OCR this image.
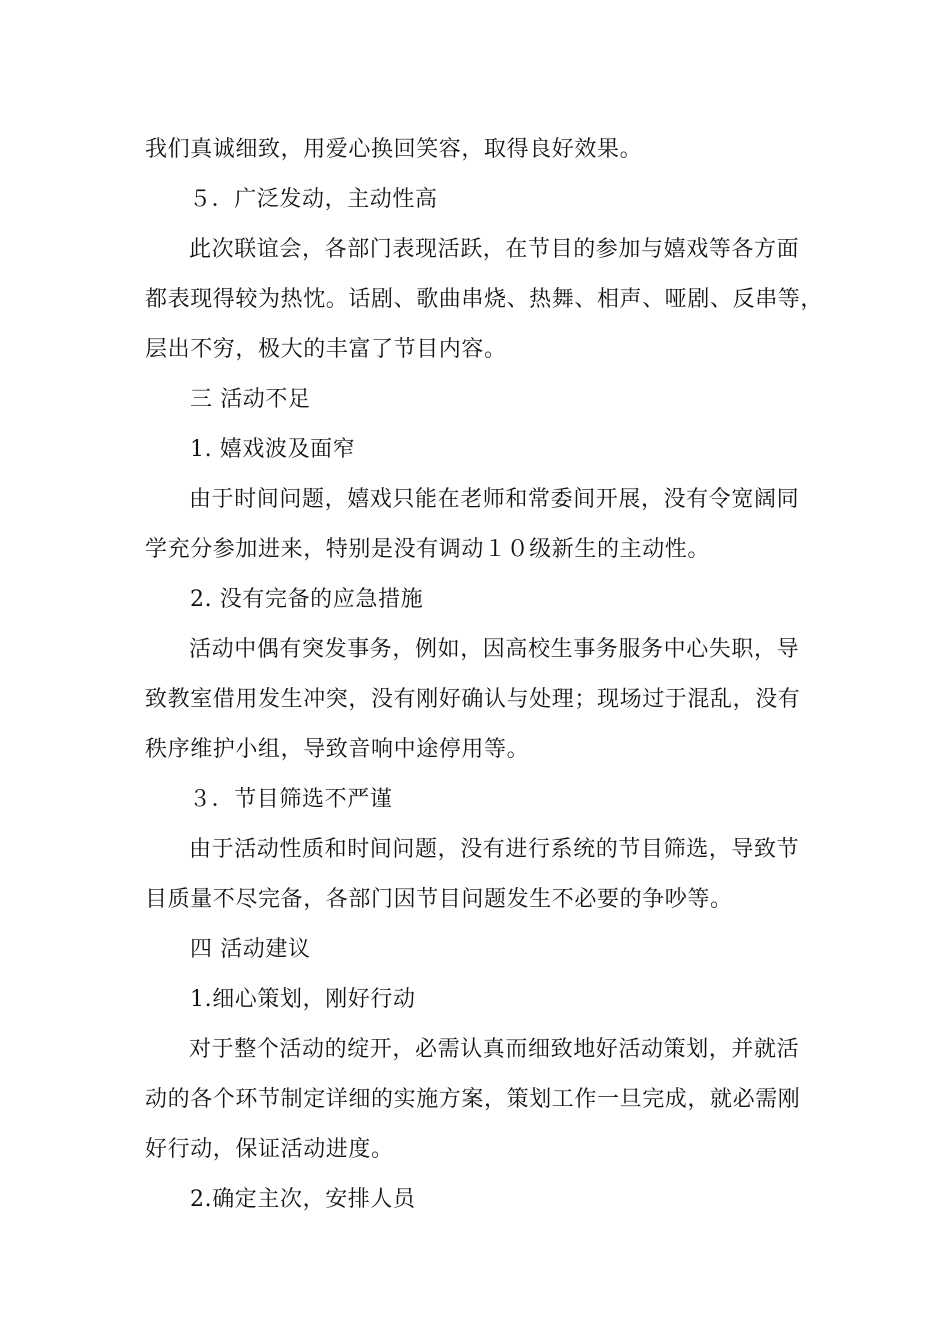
我们真诚细致，用爱心换回笑容，取得良好效果。
５．广泛发动，主动性高
此次联谊会，各部门表现活跃，在节目的参加与嬉戏等各方面
都表现得较为热忱。话剧、歌曲串烧、热舞、相声、哑剧、反串等，
层出不穷，极大的丰富了节目内容。
三 活动不足
1. 嬉戏波及面窄
由于时间问题，嬉戏只能在老师和常委间开展，没有令宽阔同
学充分参加进来，特别是没有调动１０级新生的主动性。
2. 没有完备的应急措施
活动中偶有突发事务，例如，因高校生事务服务中心失职，导
致教室借用发生冲突，没有刚好确认与处理；现场过于混乱，没有
秩序维护小组，导致音响中途停用等。
３．节目筛选不严谨
由于活动性质和时间问题，没有进行系统的节目筛选，导致节
目质量不尽完备，各部门因节目问题发生不必要的争吵等。
四 活动建议
1.细心策划，刚好行动
对于整个活动的绽开，必需认真而细致地好活动策划，并就活
动的各个环节制定详细的实施方案，策划工作一旦完成，就必需刚
好行动，保证活动进度。
2.确定主次，安排人员
